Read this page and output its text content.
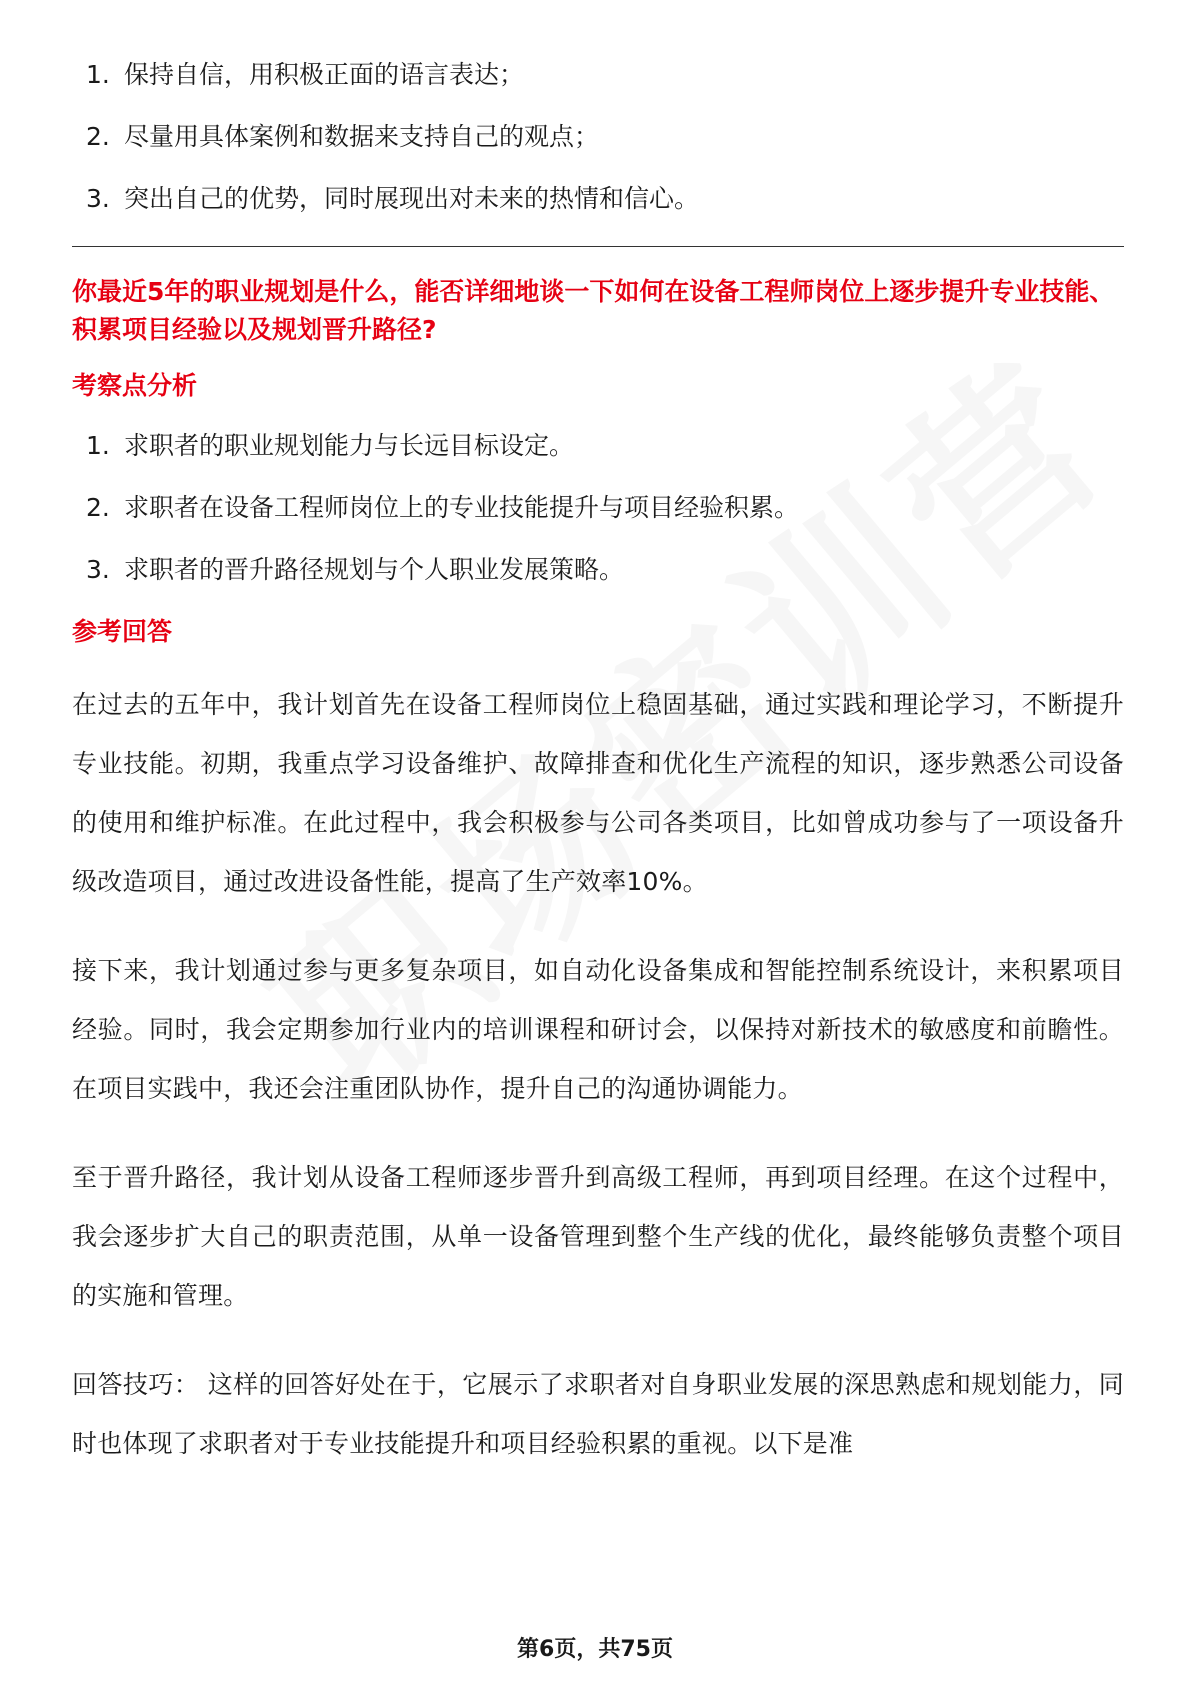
1. 保持自信，用积极正面的语言表达；
2. 尽量用具体案例和数据来支持自己的观点；
3. 突出自己的优势，同时展现出对未来的热情和信心。
你最近5年的职业规划是什么，能否详细地谈一下如何在设备工程师岗位上逐步提升专业技能、积累项目经验以及规划晋升路径?
考察点分析
1. 求职者的职业规划能力与长远目标设定。
2. 求职者在设备工程师岗位上的专业技能提升与项目经验积累。
3. 求职者的晋升路径规划与个人职业发展策略。
参考回答

在过去的五年中，我计划首先在设备工程师岗位上稳固基础，通过实践和理论学习，不断提升专业技能。初期，我重点学习设备维护、故障排查和优化生产流程的知识，逐步熟悉公司设备的使用和维护标准。在此过程中，我会积极参与公司各类项目，比如曾成功参与了一项设备升级改造项目，通过改进设备性能，提高了生产效率10%。

接下来，我计划通过参与更多复杂项目，如自动化设备集成和智能控制系统设计，来积累项目经验。同时，我会定期参加行业内的培训课程和研讨会，以保持对新技术的敏感度和前瞻性。在项目实践中，我还会注重团队协作，提升自己的沟通协调能力。

至于晋升路径，我计划从设备工程师逐步晋升到高级工程师，再到项目经理。在这个过程中，我会逐步扩大自己的职责范围，从单一设备管理到整个生产线的优化，最终能够负责整个项目的实施和管理。

回答技巧： 这样的回答好处在于，它展示了求职者对自身职业发展的深思熟虑和规划能力，同时也体现了求职者对于专业技能提升和项目经验积累的重视。以下是准

第6页，共75页
